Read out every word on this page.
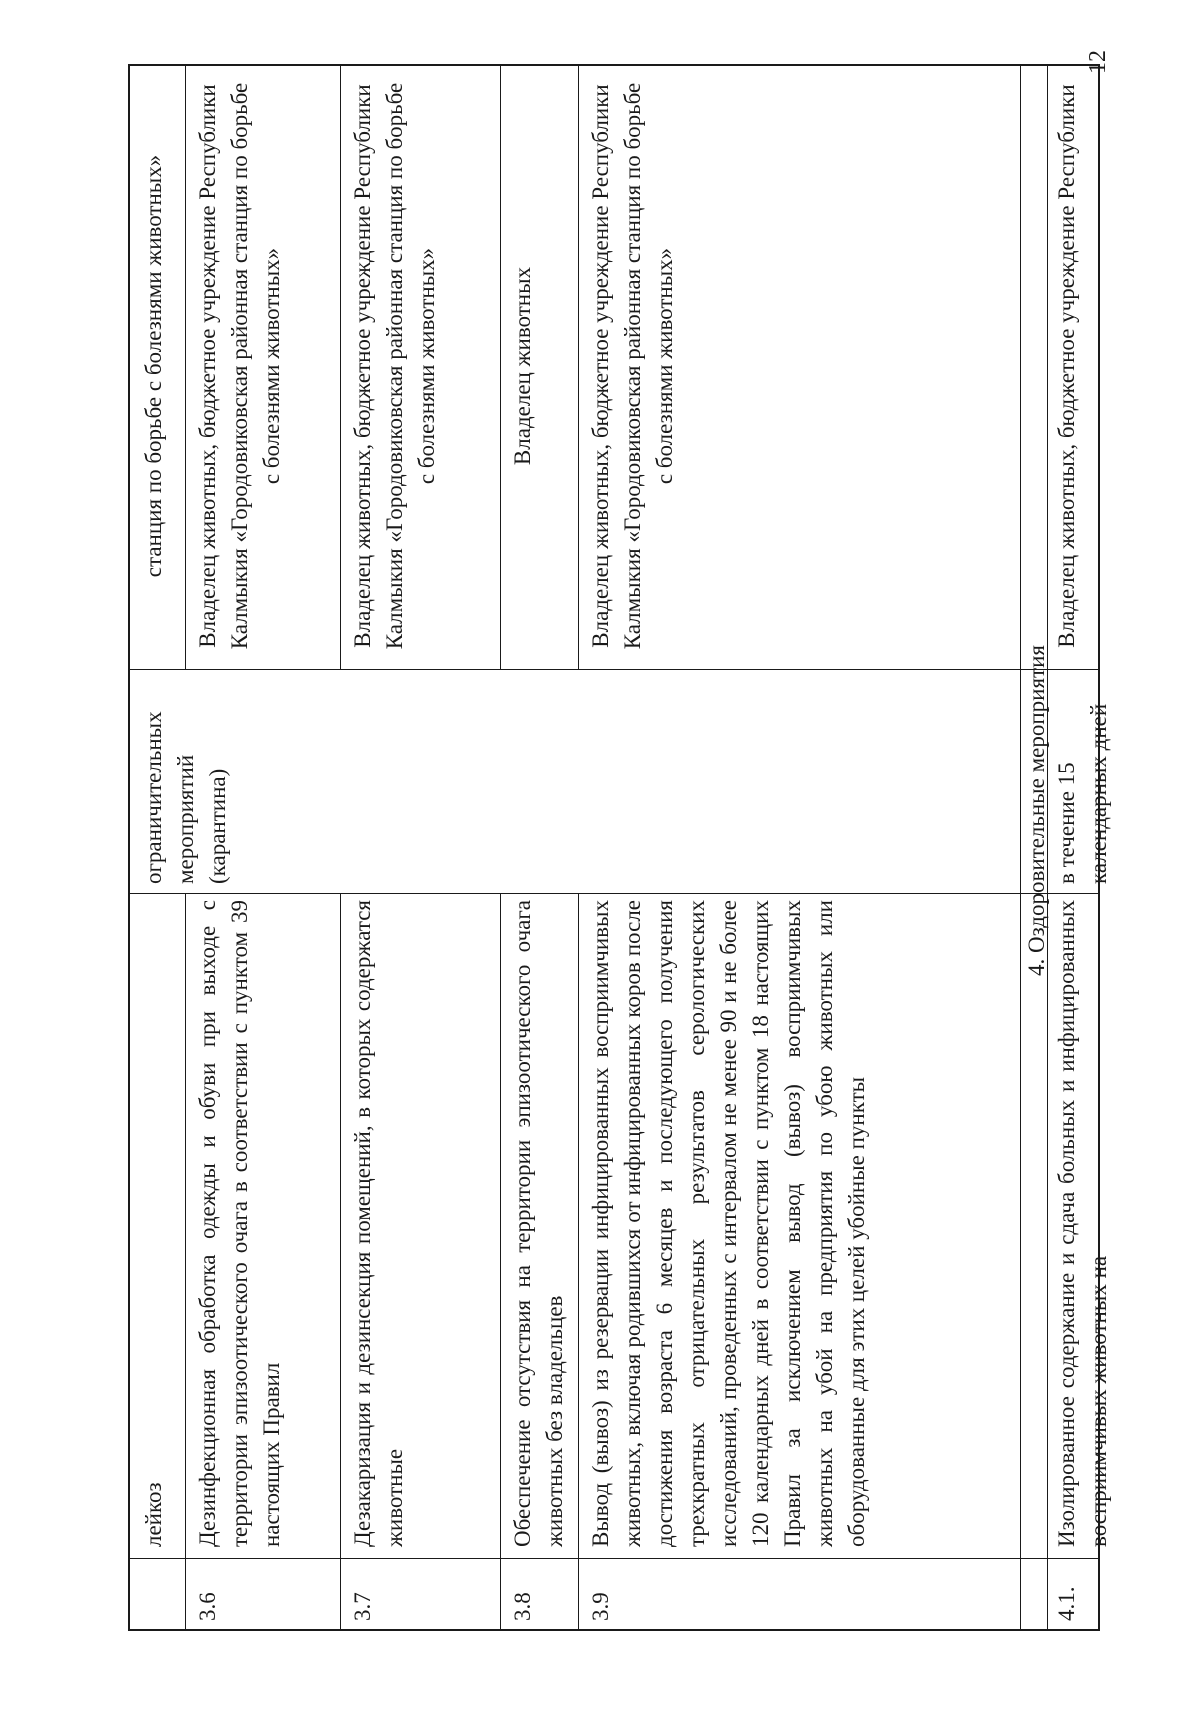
12
лейкоз
ограничительных мероприятий (карантина)
станция по борьбе с болезнями животных»
3.6
Дезинфекционная обработка одежды и обуви при выходе с территории эпизоотического очага в соответствии с пунктом 39 настоящих Правил
Владелец животных, бюджетное учреждение Республики Калмыкия «Городовиковская районная станция по борьбе с болезнями животных»
3.7
Дезакаризация и дезинсекция помещений, в которых содержатся животные
Владелец животных, бюджетное учреждение Республики Калмыкия «Городовиковская районная станция по борьбе с болезнями животных»
3.8
Обеспечение отсутствия на территории эпизоотического очага животных без владельцев
Владелец животных
3.9
Вывод (вывоз) из резервации инфицированных восприимчивых животных, включая родившихся от инфицированных коров после достижения возраста 6 месяцев и последующего получения трехкратных отрицательных результатов серологических исследований, проведенных с интервалом не менее 90 и не более 120 календарных дней в соответствии с пунктом 18 настоящих Правил за исключением вывод (вывоз) восприимчивых животных на убой на предприятия по убою животных или оборудованные для этих целей убойные пункты
Владелец животных, бюджетное учреждение Республики Калмыкия «Городовиковская районная станция по борьбе с болезнями животных»
4. Оздоровительные мероприятия
4.1.
Изолированное содержание и сдача больных и инфицированных восприимчивых животных на
в течение 15 календарных дней
Владелец животных, бюджетное учреждение Республики
